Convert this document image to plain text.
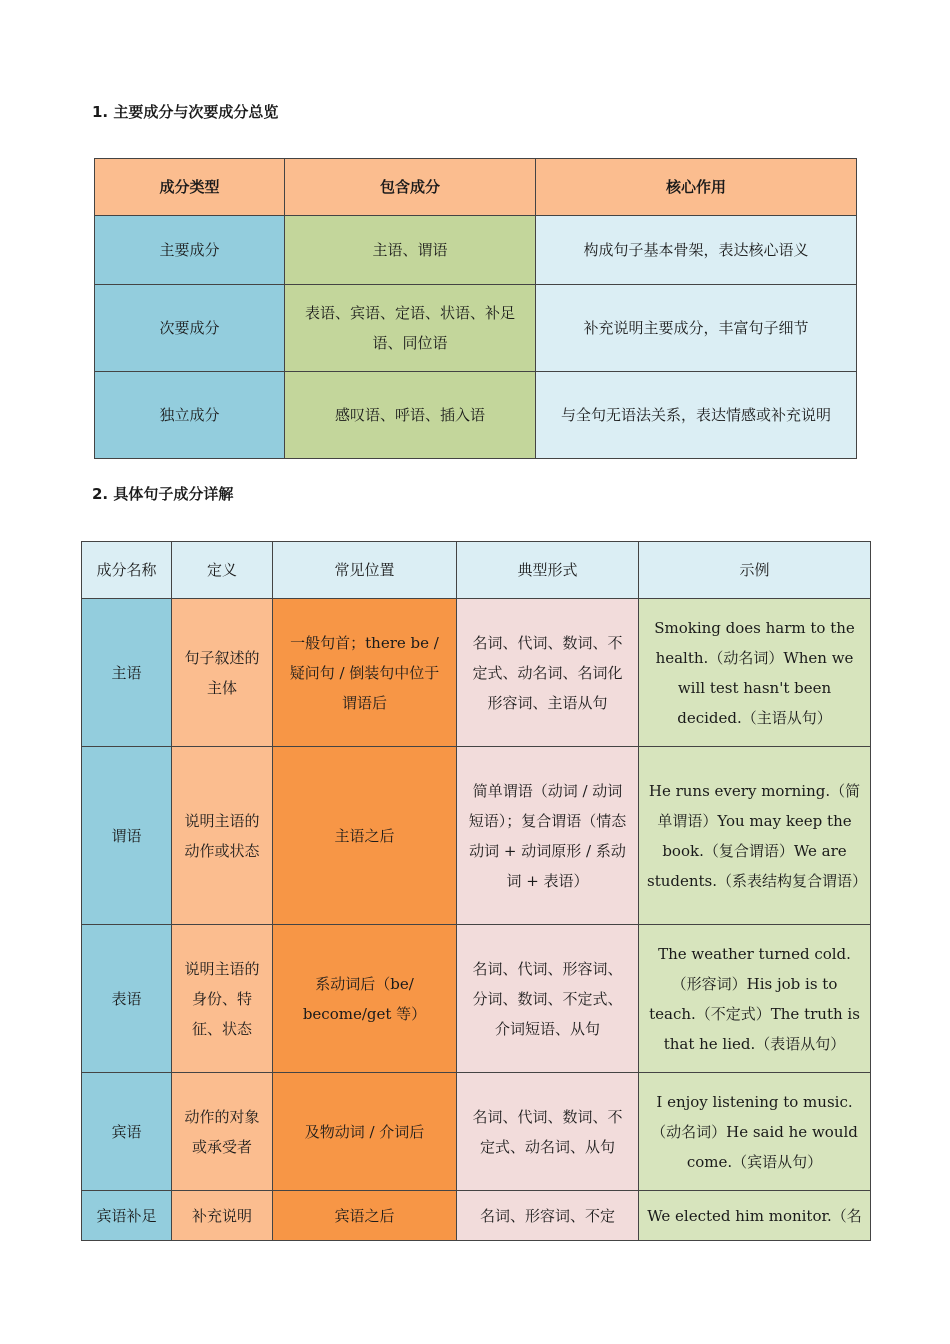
1. 主要成分与次要成分总览
成分类型	包含成分	核心作用
主要成分	主语、谓语	构成句子基本骨架，表达核心语义
次要成分	表语、宾语、定语、状语、补足语、同位语	补充说明主要成分，丰富句子细节
独立成分	感叹语、呼语、插入语	与全句无语法关系，表达情感或补充说明
2. 具体句子成分详解
成分名称	定义	常见位置	典型形式	示例
主语	句子叙述的主体	一般句首；there be / 疑问句 / 倒装句中位于谓语后	名词、代词、数词、不定式、动名词、名词化形容词、主语从句	Smoking does harm to the health.（动名词）When we will test hasn't been decided.（主语从句）
谓语	说明主语的动作或状态	主语之后	简单谓语（动词 / 动词短语）；复合谓语（情态动词 + 动词原形 / 系动词 + 表语）	He runs every morning.（简单谓语）You may keep the book.（复合谓语）We are students.（系表结构复合谓语）
表语	说明主语的身份、特征、状态	系动词后（be/ become/get 等）	名词、代词、形容词、分词、数词、不定式、介词短语、从句	The weather turned cold.（形容词）His job is to teach.（不定式）The truth is that he lied.（表语从句）
宾语	动作的对象或承受者	及物动词 / 介词后	名词、代词、数词、不定式、动名词、从句	I enjoy listening to music.（动名词）He said he would come.（宾语从句）
宾语补足	补充说明	宾语之后	名词、形容词、不定	We elected him monitor.（名
